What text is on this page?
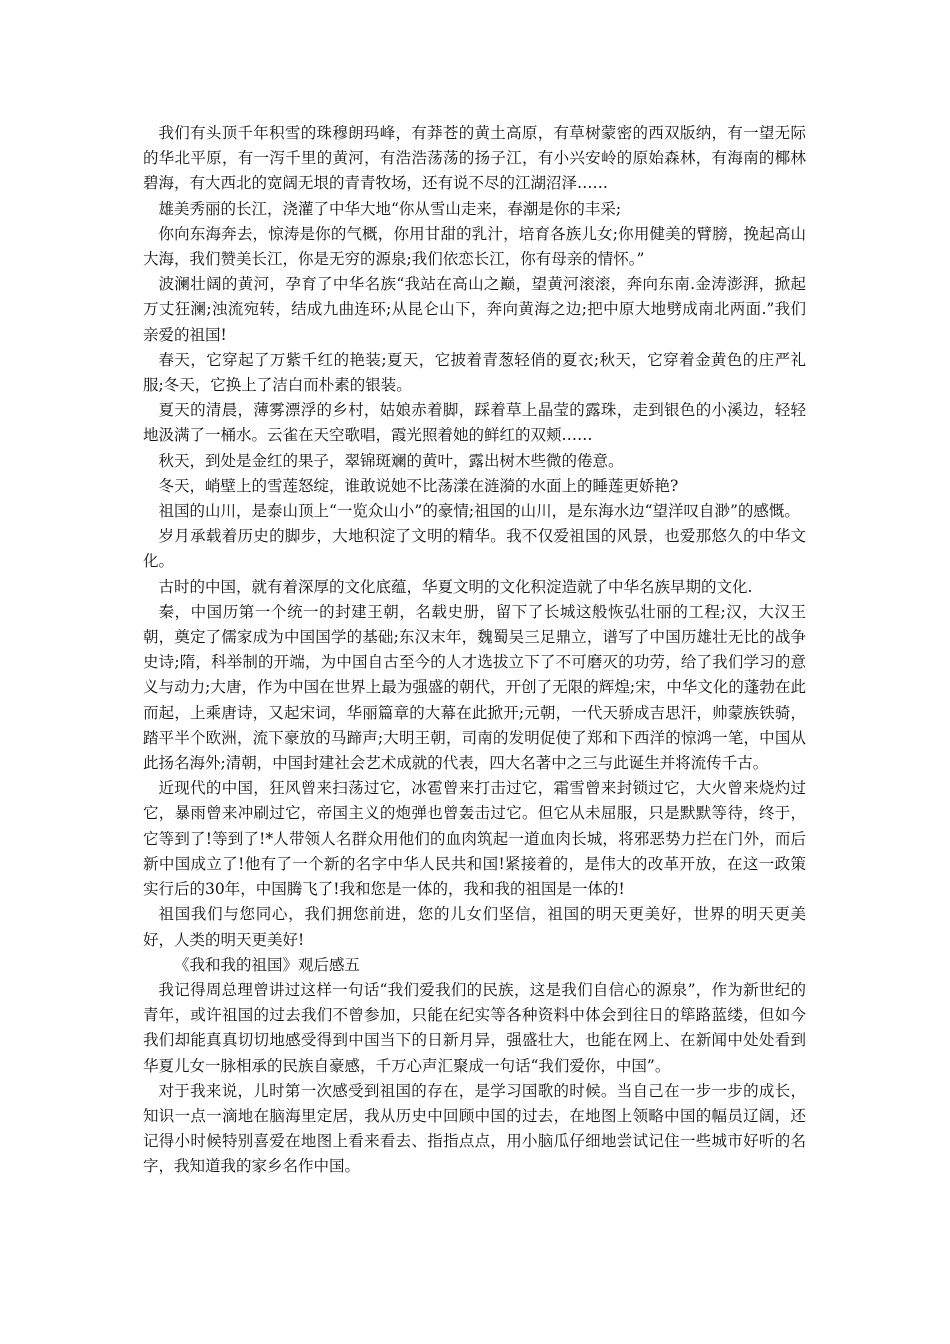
我们有头顶千年积雪的珠穆朗玛峰，有莽苍的黄土高原，有草树蒙密的西双版纳，有一望无际的华北平原，有一泻千里的黄河，有浩浩荡荡的扬子江，有小兴安岭的原始森林，有海南的椰林碧海，有大西北的宽阔无垠的青青牧场，还有说不尽的江湖沼泽……

雄美秀丽的长江，浇灌了中华大地“你从雪山走来，春潮是你的丰采;

你向东海奔去，惊涛是你的气概，你用甘甜的乳汁，培育各族儿女;你用健美的臂膀，挽起高山大海，我们赞美长江，你是无穷的源泉;我们依恋长江，你有母亲的情怀。”

波澜壮阔的黄河，孕育了中华名族“我站在高山之巅，望黄河滚滚，奔向东南.金涛澎湃，掀起万丈狂澜;浊流宛转，结成九曲连环;从昆仑山下，奔向黄海之边;把中原大地劈成南北两面.”我们亲爱的祖国!

春天，它穿起了万紫千红的艳装;夏天，它披着青葱轻俏的夏衣;秋天，它穿着金黄色的庄严礼服;冬天，它换上了洁白而朴素的银装。

夏天的清晨，薄雾漂浮的乡村，姑娘赤着脚，踩着草上晶莹的露珠，走到银色的小溪边，轻轻地汲满了一桶水。云雀在天空歌唱，霞光照着她的鲜红的双颊……

秋天，到处是金红的果子，翠锦斑斓的黄叶，露出树木些微的倦意。

冬天，峭壁上的雪莲怒绽，谁敢说她不比荡漾在涟漪的水面上的睡莲更娇艳?

祖国的山川，是泰山顶上“一览众山小”的豪情;祖国的山川，是东海水边“望洋叹自渺”的感慨。

岁月承载着历史的脚步，大地积淀了文明的精华。我不仅爱祖国的风景，也爱那悠久的中华文化。

古时的中国，就有着深厚的文化底蕴，华夏文明的文化积淀造就了中华名族早期的文化.

秦，中国历第一个统一的封建王朝，名载史册，留下了长城这般恢弘壮丽的工程;汉，大汉王朝，奠定了儒家成为中国国学的基础;东汉末年，魏蜀吴三足鼎立，谱写了中国历雄壮无比的战争史诗;隋，科举制的开端，为中国自古至今的人才选拔立下了不可磨灭的功劳，给了我们学习的意义与动力;大唐，作为中国在世界上最为强盛的朝代，开创了无限的辉煌;宋，中华文化的蓬勃在此而起，上乘唐诗，又起宋词，华丽篇章的大幕在此掀开;元朝，一代天骄成吉思汗，帅蒙族铁骑，踏平半个欧洲，流下豪放的马蹄声;大明王朝，司南的发明促使了郑和下西洋的惊鸿一笔，中国从此扬名海外;清朝，中国封建社会艺术成就的代表，四大名著中之三与此诞生并将流传千古。

近现代的中国，狂风曾来扫荡过它，冰雹曾来打击过它，霜雪曾来封锁过它，大火曾来烧灼过它，暴雨曾来冲刷过它，帝国主义的炮弹也曾轰击过它。但它从未屈服，只是默默等待，终于，它等到了!等到了!*人带领人名群众用他们的血肉筑起一道血肉长城，将邪恶势力拦在门外，而后新中国成立了!他有了一个新的名字中华人民共和国!紧接着的，是伟大的改革开放，在这一政策实行后的30年，中国腾飞了!我和您是一体的，我和我的祖国是一体的!

祖国我们与您同心，我们拥您前进，您的儿女们坚信，祖国的明天更美好，世界的明天更美好，人类的明天更美好!

《我和我的祖国》观后感五

我记得周总理曾讲过这样一句话“我们爱我们的民族，这是我们自信心的源泉”，作为新世纪的青年，或许祖国的过去我们不曾参加，只能在纪实等各种资料中体会到往日的筚路蓝缕，但如今我们却能真真切切地感受得到中国当下的日新月异，强盛壮大，也能在网上、在新闻中处处看到华夏儿女一脉相承的民族自豪感，千万心声汇聚成一句话“我们爱你，中国”。

对于我来说，儿时第一次感受到祖国的存在，是学习国歌的时候。当自己在一步一步的成长，知识一点一滴地在脑海里定居，我从历史中回顾中国的过去，在地图上领略中国的幅员辽阔，还记得小时候特别喜爱在地图上看来看去、指指点点，用小脑瓜仔细地尝试记住一些城市好听的名字，我知道我的家乡名作中国。
